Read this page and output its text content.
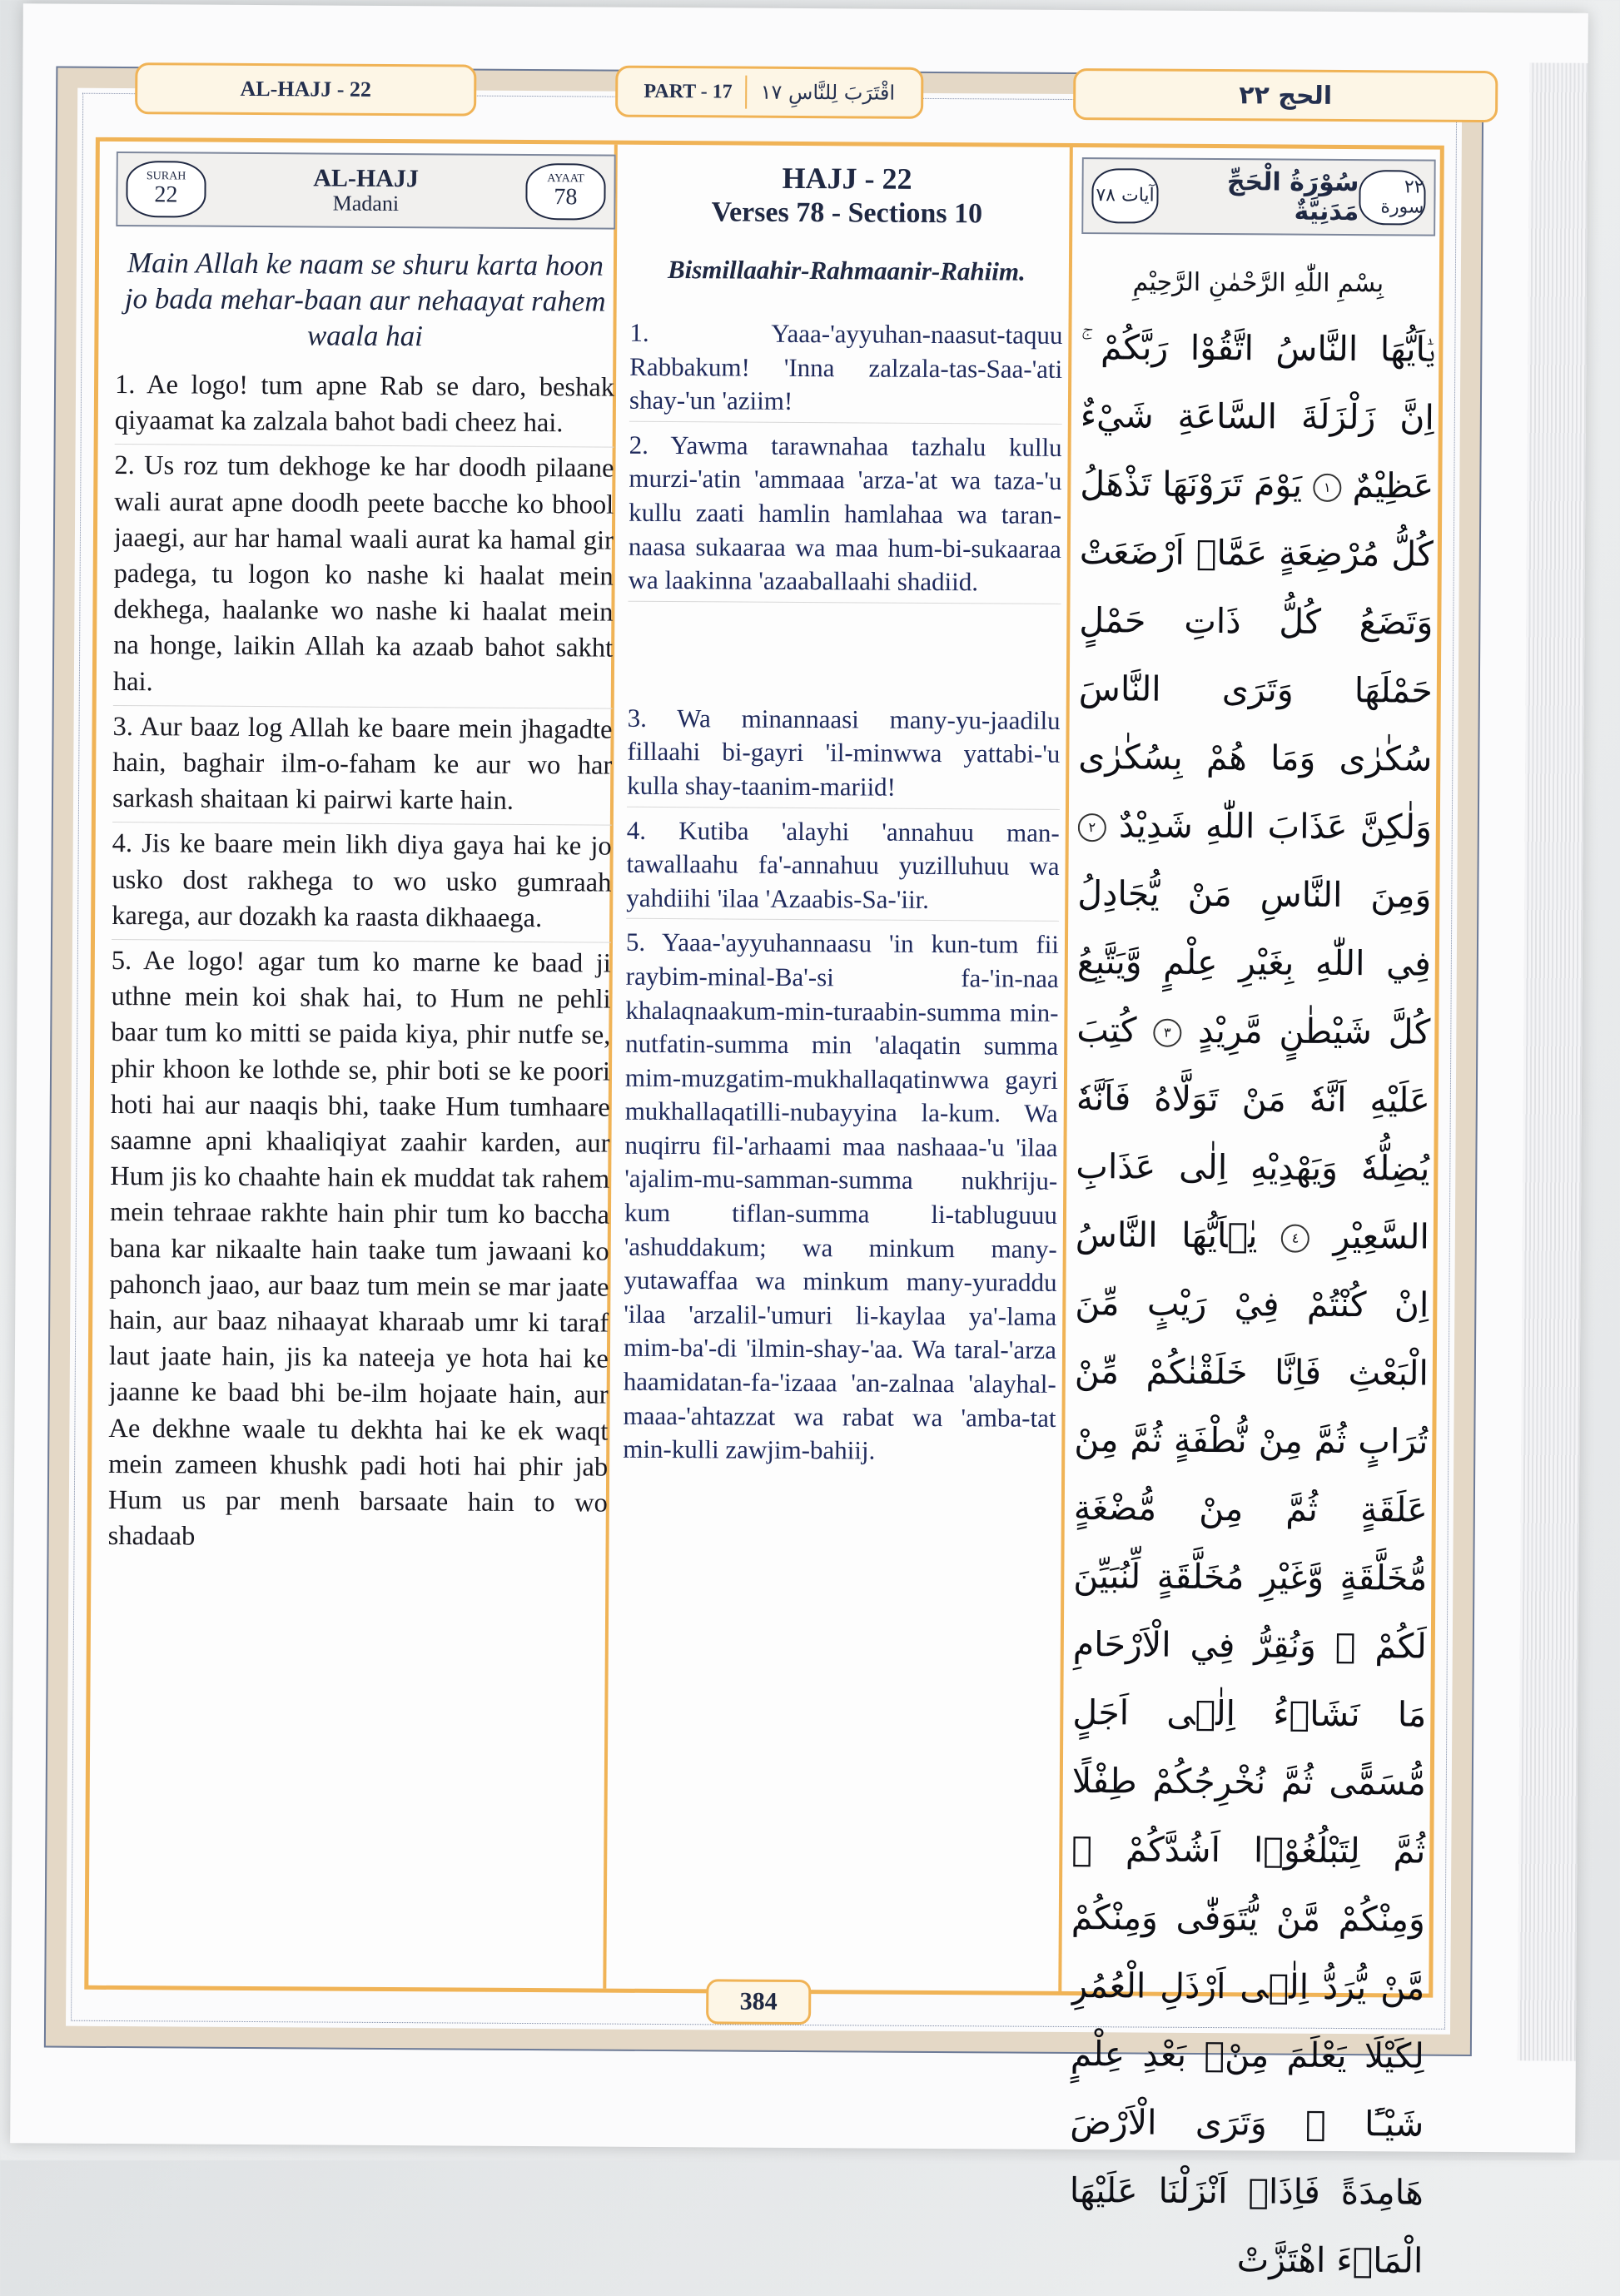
AL-HAJJ - 22	PART - 17 اقْتَرَبَ لِلنَّاسِ ١٧	الحج ٢٢
SURAH
22
AL-HAJJ
Madani
AYAAT
78
Main Allah ke naam se shuru karta hoon jo bada mehar-baan aur nehaayat rahem waala hai

1. Ae logo! tum apne Rab se daro, beshak qiyaamat ka zalzala bahot badi cheez hai.

2. Us roz tum dekhoge ke har doodh pilaane wali aurat apne doodh peete bacche ko bhool jaaegi, aur har hamal waali aurat ka hamal gir padega, tu logon ko nashe ki haalat mein dekhega, haalanke wo nashe ki haalat mein na honge, laikin Allah ka azaab bahot sakht hai.

3. Aur baaz log Allah ke baare mein jhagadte hain, baghair ilm-o-faham ke aur wo har sarkash shaitaan ki pairwi karte hain.

4. Jis ke baare mein likh diya gaya hai ke jo usko dost rakhega to wo usko gumraah karega, aur dozakh ka raasta dikhaaega.

5. Ae logo! agar tum ko marne ke baad ji uthne mein koi shak hai, to Hum ne pehli baar tum ko mitti se paida kiya, phir nutfe se, phir khoon ke lothde se, phir boti se ke poori hoti hai aur naaqis bhi, taake Hum tumhaare saamne apni khaaliqiyat zaahir karden, aur Hum jis ko chaahte hain ek muddat tak rahem mein tehraae rakhte hain phir tum ko baccha bana kar nikaalte hain taake tum jawaani ko pahonch jaao, aur baaz tum mein se mar jaate hain, aur baaz nihaayat kharaab umr ki taraf laut jaate hain, jis ka nateeja ye hota hai ke jaanne ke baad bhi be-ilm hojaate hain, aur Ae dekhne waale tu dekhta hai ke ek waqt mein zameen khushk padi hoti hai phir jab Hum us par menh barsaate hain to wo shadaab

HAJJ - 22
Verses 78 - Sections 10
Bismillaahir-Rahmaanir-Rahiim.

1. Yaaa-'ayyuhan-naasut-taquu Rabbakum! 'Inna zalzala-tas-Saa-'ati shay-'un 'aziim!

2. Yawma tarawnahaa tazhalu kullu murzi-'atin 'ammaaa 'arza-'at wa taza-'u kullu zaati hamlin hamlahaa wa taran-naasa sukaaraa wa maa hum-bi-sukaaraa wa laakinna 'azaaballaahi shadiid.

3. Wa minannaasi many-yu-jaadilu fillaahi bi-gayri 'il-minwwa yattabi-'u kulla shay-taanim-mariid!

4. Kutiba 'alayhi 'annahuu man-tawallaahu fa'-annahuu yuzilluhuu wa yahdiihi 'ilaa 'Azaabis-Sa-'iir.

5. Yaaa-'ayyuhannaasu 'in kun-tum fii raybim-minal-Ba'-si fa-'in-naa khalaqnaakum-min-turaabin-summa min-nutfatin-summa min 'alaqatin summa mim-muzgatim-mukhallaqatinwwa gayri mukhallaqatilli-nubayyina la-kum. Wa nuqirru fil-'arhaami maa nashaaa-'u 'ilaa 'ajalim-mu-samman-summa nukhriju-kum tiflan-summa li-tabluguuu 'ashuddakum; wa minkum many-yutawaffaa wa minkum many-yuraddu 'ilaa 'arzalil-'umuri li-kaylaa ya'-lama mim-ba'-di 'ilmin-shay-'aa. Wa taral-'arza haamidatan-fa-'izaaa 'an-zalnaa 'alayhal-maaa-'ahtazzat wa rabat wa 'amba-tat min-kulli zawjim-bahiij.

٢٢ سورة
سُوْرَةُ الْحَجِّ مَدَنِيَّةٌ
آيات ٧٨
بِسْمِ اللّٰهِ الرَّحْمٰنِ الرَّحِيْمِ

يٰۤاَيُّهَا النَّاسُ اتَّقُوْا رَبَّكُمْ ۚ اِنَّ زَلْزَلَةَ السَّاعَةِ شَيْءٌ عَظِيْمٌ ١ يَوْمَ تَرَوْنَهَا تَذْهَلُ كُلُّ مُرْضِعَةٍ عَمَّاۤ اَرْضَعَتْ وَتَضَعُ كُلُّ ذَاتِ حَمْلٍ حَمْلَهَا وَتَرَى النَّاسَ سُكٰرٰى وَمَا هُمْ بِسُكٰرٰى وَلٰكِنَّ عَذَابَ اللّٰهِ شَدِيْدٌ ٢ وَمِنَ النَّاسِ مَنْ يُّجَادِلُ فِي اللّٰهِ بِغَيْرِ عِلْمٍ وَّيَتَّبِعُ كُلَّ شَيْطٰنٍ مَّرِيْدٍ ٣ كُتِبَ عَلَيْهِ اَنَّهٗ مَنْ تَوَلَّاهُ فَاَنَّهٗ يُضِلُّهٗ وَيَهْدِيْهِ اِلٰى عَذَابِ السَّعِيْرِ ٤ يٰۤاَيُّهَا النَّاسُ اِنْ كُنْتُمْ فِيْ رَيْبٍ مِّنَ الْبَعْثِ فَاِنَّا خَلَقْنٰكُمْ مِّنْ تُرَابٍ ثُمَّ مِنْ نُّطْفَةٍ ثُمَّ مِنْ عَلَقَةٍ ثُمَّ مِنْ مُّضْغَةٍ مُّخَلَّقَةٍ وَّغَيْرِ مُخَلَّقَةٍ لِّنُبَيِّنَ لَكُمْ ۚ وَنُقِرُّ فِي الْاَرْحَامِ مَا نَشَاۤءُ اِلٰۤى اَجَلٍ مُّسَمًّى ثُمَّ نُخْرِجُكُمْ طِفْلًا ثُمَّ لِتَبْلُغُوْۤا اَشُدَّكُمْ ۚ وَمِنْكُمْ مَّنْ يُّتَوَفّٰى وَمِنْكُمْ مَّنْ يُّرَدُّ اِلٰۤى اَرْذَلِ الْعُمُرِ لِكَيْلَا يَعْلَمَ مِنْۢ بَعْدِ عِلْمٍ شَيْـًٔا ۚ وَتَرَى الْاَرْضَ هَامِدَةً فَاِذَاۤ اَنْزَلْنَا عَلَيْهَا الْمَاۤءَ اهْتَزَّتْ

384
